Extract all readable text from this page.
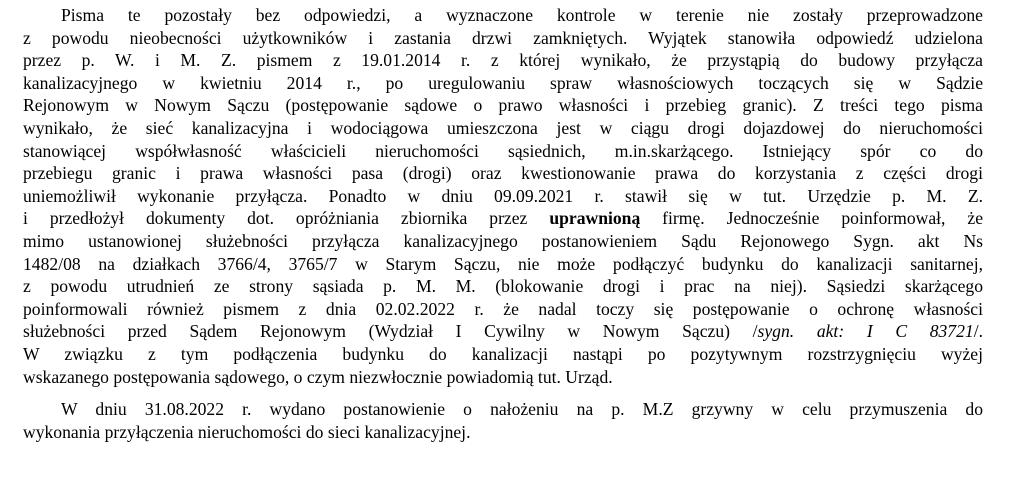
Pisma te pozostały bez odpowiedzi, a wyznaczone kontrole w terenie nie zostały przeprowadzone
z powodu nieobecności użytkowników i zastania drzwi zamkniętych. Wyjątek stanowiła odpowiedź udzielona
przez p. W. i M. Z. pismem z 19.01.2014 r. z której wynikało, że przystąpią do budowy przyłącza
kanalizacyjnego w kwietniu 2014 r., po uregulowaniu spraw własnościowych toczących się w Sądzie
Rejonowym w Nowym Sączu (postępowanie sądowe o prawo własności i przebieg granic). Z treści tego pisma
wynikało, że sieć kanalizacyjna i wodociągowa umieszczona jest w ciągu drogi dojazdowej do nieruchomości
stanowiącej współwłasność właścicieli nieruchomości sąsiednich, m.in.skarżącego. Istniejący spór co do
przebiegu granic i prawa własności pasa (drogi) oraz kwestionowanie prawa do korzystania z części drogi
uniemożliwił wykonanie przyłącza. Ponadto w dniu 09.09.2021 r. stawił się w tut. Urzędzie p. M. Z.
i przedłożył dokumenty dot. opróżniania zbiornika przez uprawnioną firmę. Jednocześnie poinformował, że
mimo ustanowionej służebności przyłącza kanalizacyjnego postanowieniem Sądu Rejonowego Sygn. akt Ns
1482/08 na działkach 3766/4, 3765/7 w Starym Sączu, nie może podłączyć budynku do kanalizacji sanitarnej,
z powodu utrudnień ze strony sąsiada p. M. M. (blokowanie drogi i prac na niej). Sąsiedzi skarżącego
poinformowali również pismem z dnia 02.02.2022 r. że nadal toczy się postępowanie o ochronę własności
służebności przed Sądem Rejonowym (Wydział I Cywilny w Nowym Sączu) /sygn. akt: I C 83721/.
W związku z tym podłączenia budynku do kanalizacji nastąpi po pozytywnym rozstrzygnięciu wyżej
wskazanego postępowania sądowego, o czym niezwłocznie powiadomią tut. Urząd.
W dniu 31.08.2022 r. wydano postanowienie o nałożeniu na p. M.Z grzywny w celu przymuszenia do
wykonania przyłączenia nieruchomości do sieci kanalizacyjnej.
